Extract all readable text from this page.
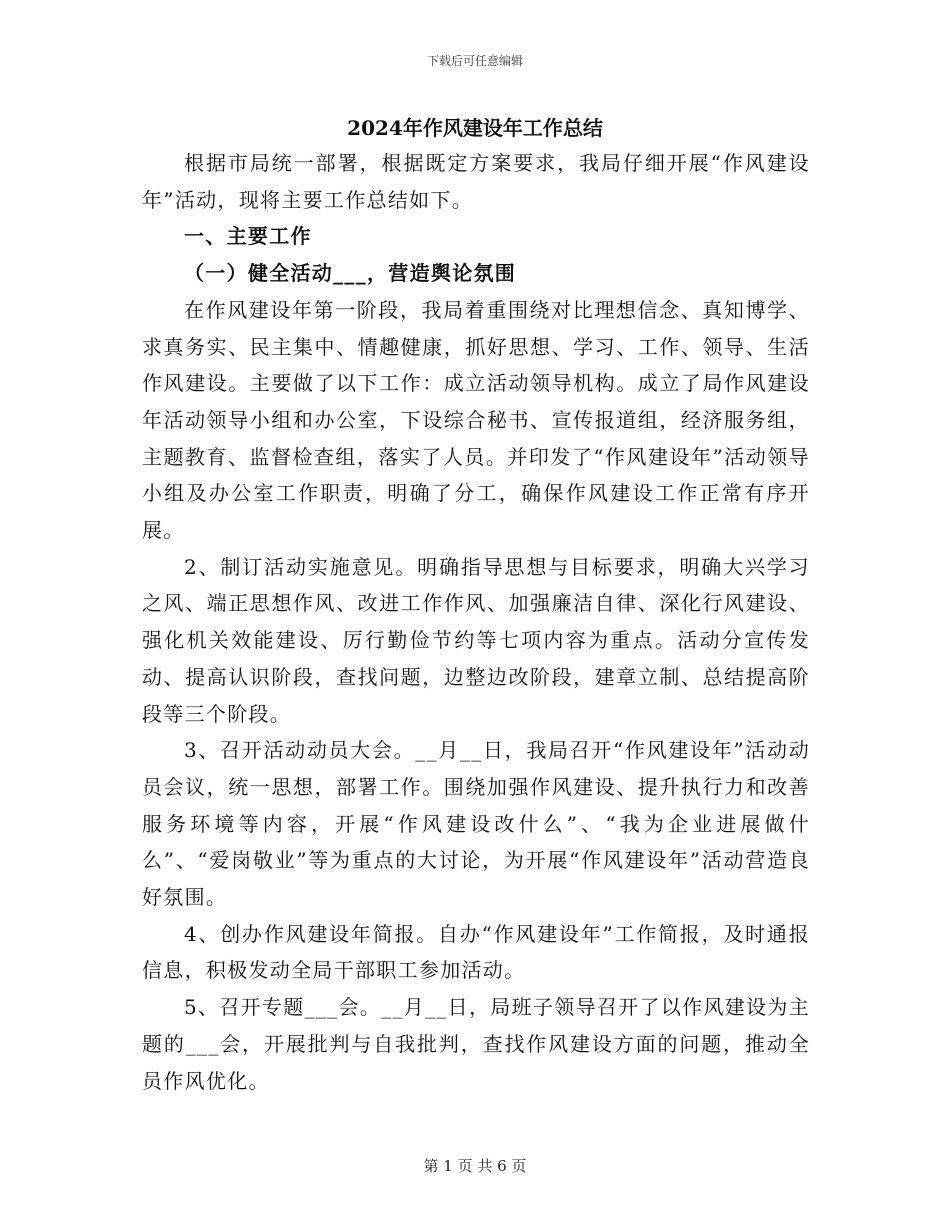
下载后可任意编辑
2024年作风建设年工作总结

根据市局统一部署，根据既定方案要求，我局仔细开展“作风建设年”活动，现将主要工作总结如下。

一、主要工作

（一）健全活动___，营造舆论氛围

在作风建设年第一阶段，我局着重围绕对比理想信念、真知博学、求真务实、民主集中、情趣健康，抓好思想、学习、工作、领导、生活作风建设。主要做了以下工作：成立活动领导机构。成立了局作风建设年活动领导小组和办公室，下设综合秘书、宣传报道组，经济服务组，主题教育、监督检查组，落实了人员。并印发了“作风建设年”活动领导小组及办公室工作职责，明确了分工，确保作风建设工作正常有序开展。

2、制订活动实施意见。明确指导思想与目标要求，明确大兴学习之风、端正思想作风、改进工作作风、加强廉洁自律、深化行风建设、强化机关效能建设、厉行勤俭节约等七项内容为重点。活动分宣传发动、提高认识阶段，查找问题，边整边改阶段，建章立制、总结提高阶段等三个阶段。

3、召开活动动员大会。__月__日，我局召开“作风建设年”活动动员会议，统一思想，部署工作。围绕加强作风建设、提升执行力和改善服务环境等内容，开展“作风建设改什么”、“我为企业进展做什么”、“爱岗敬业”等为重点的大讨论，为开展“作风建设年”活动营造良好氛围。

4、创办作风建设年简报。自办“作风建设年”工作简报，及时通报信息，积极发动全局干部职工参加活动。

5、召开专题___会。__月__日，局班子领导召开了以作风建设为主题的___会，开展批判与自我批判，查找作风建设方面的问题，推动全员作风优化。

第 1 页 共 6 页
